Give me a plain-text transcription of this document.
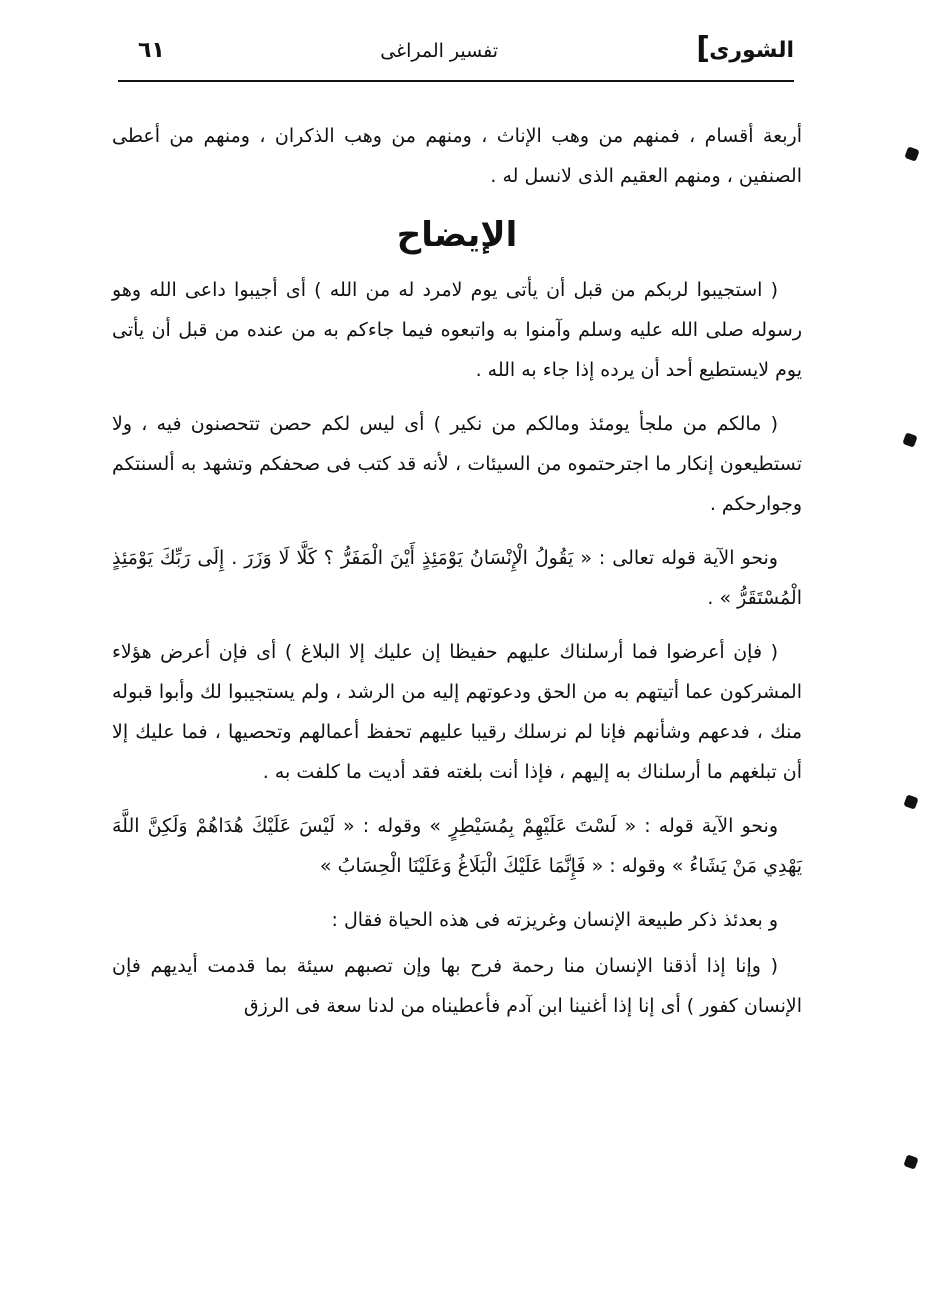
الشورى
]
تفسير المراغى
٦١

أربعة أقسام ، فمنهم من وهب الإناث ، ومنهم من وهب الذكران ، ومنهم من أعطى الصنفين ، ومنهم العقيم الذى لانسل له .

الإيضاح

( استجيبوا لربكم من قبل أن يأتى يوم لامرد له من الله ) أى أجيبوا داعى الله وهو رسوله صلى الله عليه وسلم وآمنوا به واتبعوه فيما جاءكم به من عنده من قبل أن يأتى يوم لايستطيع أحد أن يرده إذا جاء به الله .

( مالكم من ملجأ يومئذ ومالكم من نكير ) أى ليس لكم حصن تتحصنون فيه ، ولا تستطيعون إنكار ما اجترحتموه من السيئات ، لأنه قد كتب فى صحفكم وتشهد به ألسنتكم وجوارحكم .

ونحو الآية قوله تعالى : « يَقُولُ الْإِنْسَانُ يَوْمَئِذٍ أَيْنَ الْمَفَرُّ ؟ كَلَّا لَا وَزَرَ . إِلَى رَبِّكَ يَوْمَئِذٍ الْمُسْتَقَرُّ » .

( فإن أعرضوا فما أرسلناك عليهم حفيظا إن عليك إلا البلاغ ) أى فإن أعرض هؤلاء المشركون عما أتيتهم به من الحق ودعوتهم إليه من الرشد ، ولم يستجيبوا لك وأبوا قبوله منك ، فدعهم وشأنهم فإنا لم نرسلك رقيبا عليهم تحفظ أعمالهم وتحصيها ، فما عليك إلا أن تبلغهم ما أرسلناك به إليهم ، فإذا أنت بلغته فقد أديت ما كلفت به .

ونحو الآية قوله : « لَسْتَ عَلَيْهِمْ بِمُسَيْطِرٍ » وقوله : « لَيْسَ عَلَيْكَ هُدَاهُمْ وَلَكِنَّ اللَّهَ يَهْدِي مَنْ يَشَاءُ » وقوله : « فَإِنَّمَا عَلَيْكَ الْبَلَاغُ وَعَلَيْنَا الْحِسَابُ »

و بعدئذ ذكر طبيعة الإنسان وغريزته فى هذه الحياة فقال :

( وإنا إذا أذقنا الإنسان منا رحمة فرح بها وإن تصبهم سيئة بما قدمت أيديهم فإن الإنسان كفور ) أى إنا إذا أغنينا ابن آدم فأعطيناه من لدنا سعة فى الرزق
